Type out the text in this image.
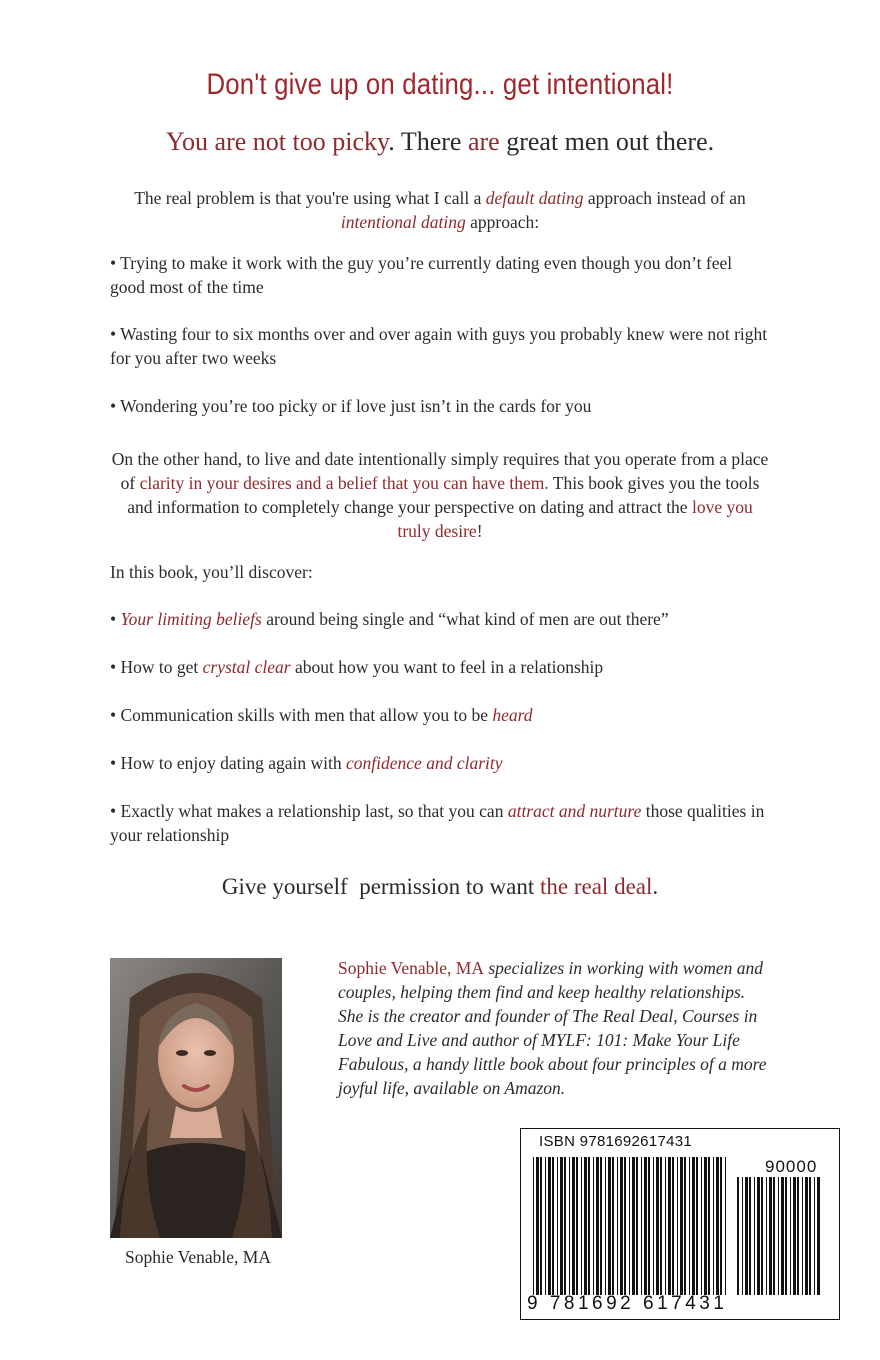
Don't give up on dating... get intentional!
You are not too picky. There are great men out there.
The real problem is that you're using what I call a default dating approach instead of an intentional dating approach:
• Trying to make it work with the guy you’re currently dating even though you don’t feel good most of the time
• Wasting four to six months over and over again with guys you probably knew were not right for you after two weeks
• Wondering you’re too picky or if love just isn’t in the cards for you
On the other hand, to live and date intentionally simply requires that you operate from a place of clarity in your desires and a belief that you can have them. This book gives you the tools and information to completely change your perspective on dating and attract the love you truly desire!
In this book, you’ll discover:
• Your limiting beliefs around being single and “what kind of men are out there”
• How to get crystal clear about how you want to feel in a relationship
• Communication skills with men that allow you to be heard
• How to enjoy dating again with confidence and clarity
• Exactly what makes a relationship last, so that you can attract and nurture those qualities in your relationship
Give yourself  permission to want the real deal.
Sophie Venable, MA
Sophie Venable, MA specializes in working with women and couples, helping them find and keep healthy relationships. She is the creator and founder of The Real Deal, Courses in Love and Live and author of MYLF: 101: Make Your Life Fabulous, a handy little book about four principles of a more joyful life, available on Amazon.
ISBN 9781692617431
90000
9 781692 617431
